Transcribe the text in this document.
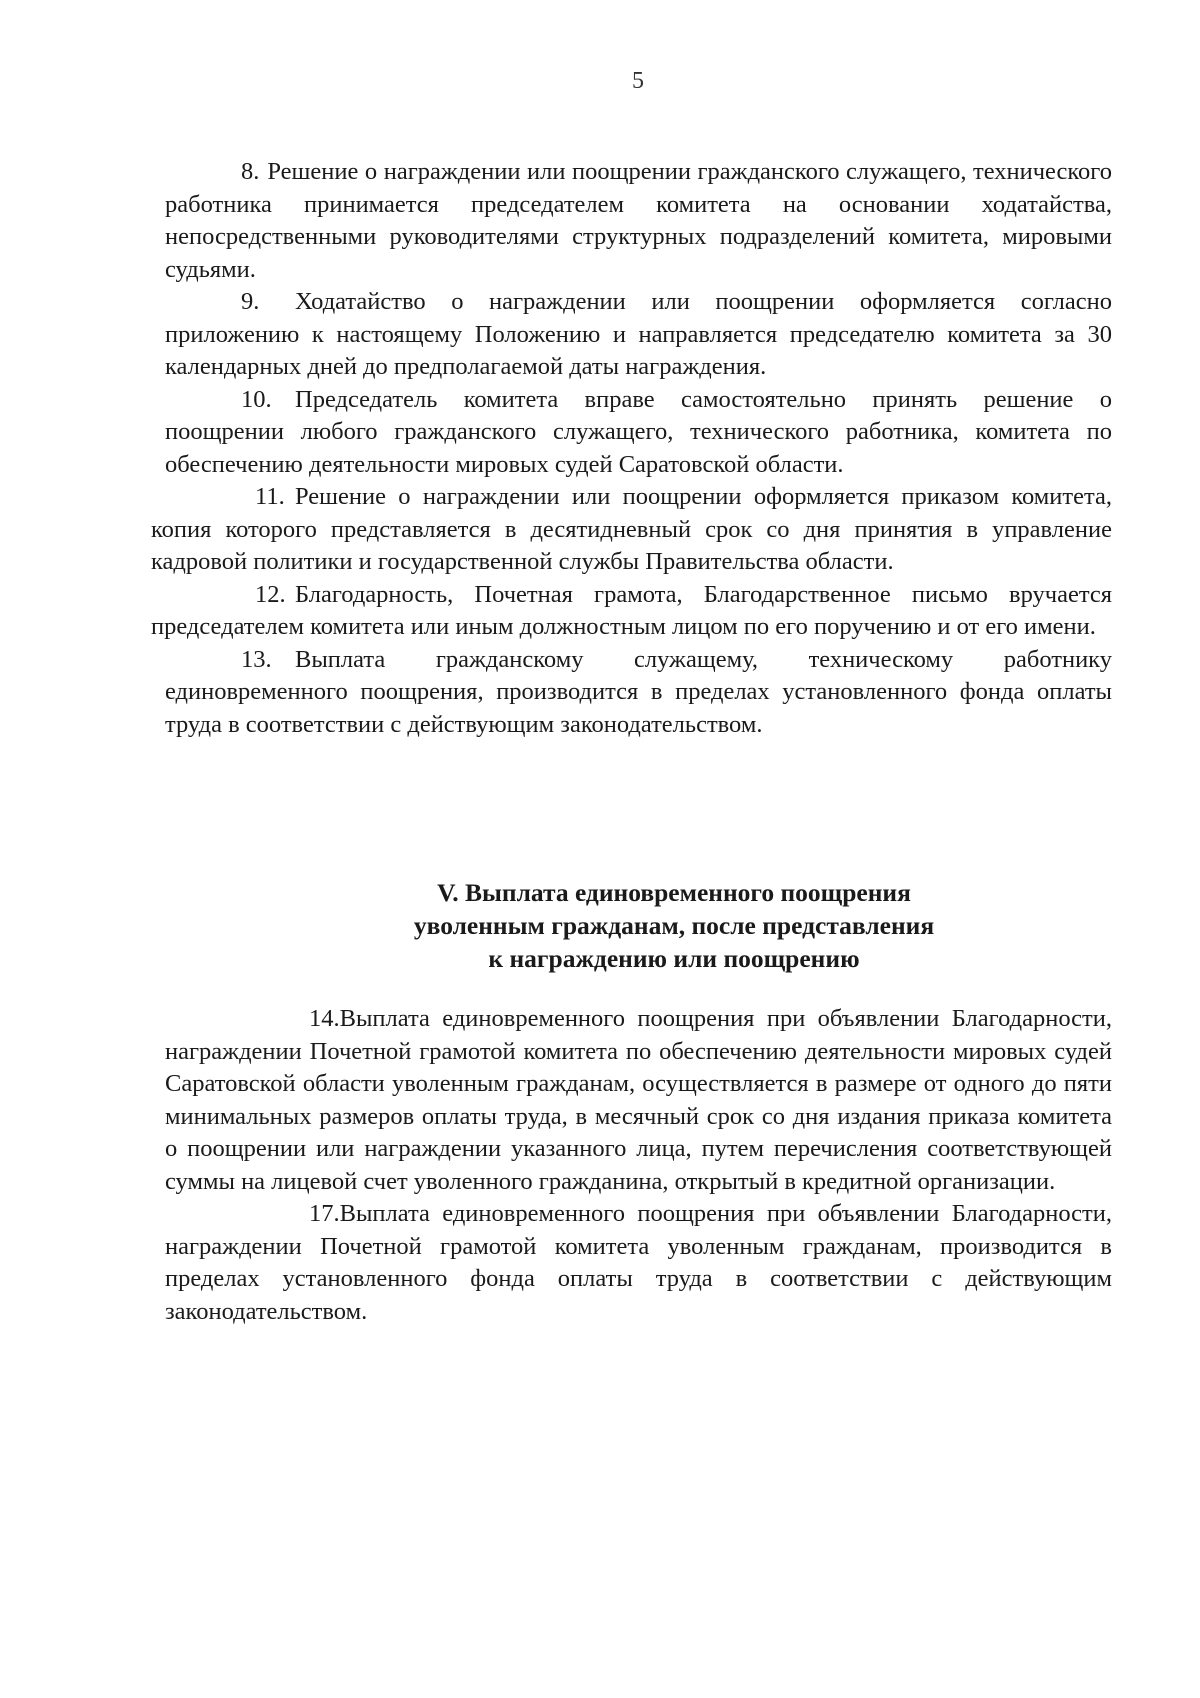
5

8. Решение о награждении или поощрении гражданского служащего, технического работника принимается председателем комитета на основании ходатайства, непосредственными руководителями структурных подразделений комитета, мировыми судьями.

9. Ходатайство о награждении или поощрении оформляется согласно приложению к настоящему Положению и направляется председателю комитета за 30 календарных дней до предполагаемой даты награждения.

10. Председатель комитета вправе самостоятельно принять решение о поощрении любого гражданского служащего, технического работника, комитета по обеспечению деятельности мировых судей Саратовской области.

11. Решение о награждении или поощрении оформляется приказом комитета, копия которого представляется в десятидневный срок со дня принятия в управление кадровой политики и государственной службы Правительства области.

12. Благодарность, Почетная грамота, Благодарственное письмо вручается председателем комитета или иным должностным лицом по его поручению и от его имени.

13. Выплата гражданскому служащему, техническому работнику единовременного поощрения, производится в пределах установленного фонда оплаты труда в соответствии с действующим законодательством.

V. Выплата единовременного поощрения
уволенным гражданам, после представления
к награждению или поощрению

14.Выплата единовременного поощрения при объявлении Благодарности, награждении Почетной грамотой комитета по обеспечению деятельности мировых судей Саратовской области уволенным гражданам, осуществляется в размере от одного до пяти минимальных размеров оплаты труда, в месячный срок со дня издания приказа комитета о поощрении или награждении указанного лица, путем перечисления соответствующей суммы на лицевой счет уволенного гражданина, открытый в кредитной организации.

17.Выплата единовременного поощрения при объявлении Благодарности, награждении Почетной грамотой комитета уволенным гражданам, производится в пределах установленного фонда оплаты труда в соответствии с действующим законодательством.
